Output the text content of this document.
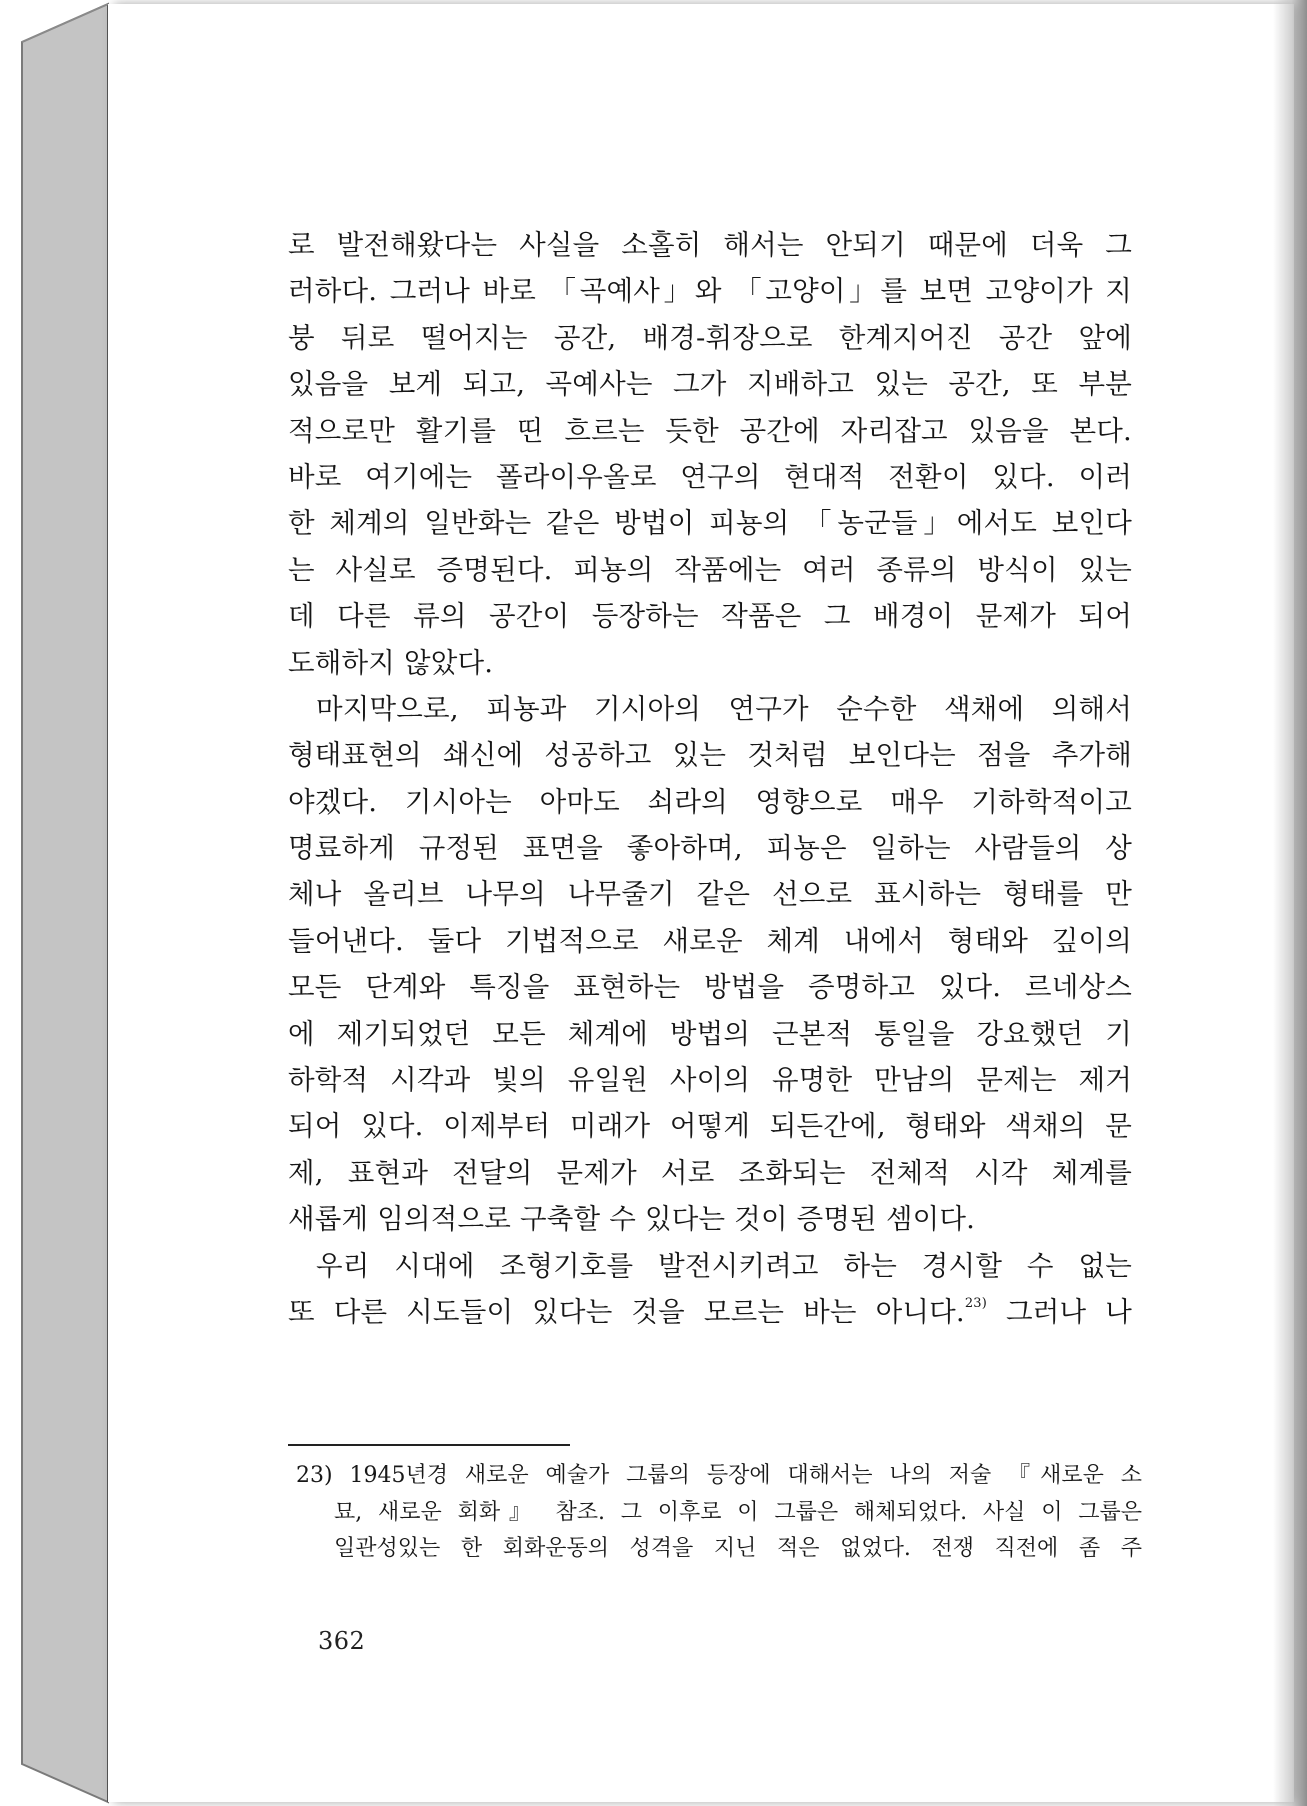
로 발전해왔다는 사실을 소홀히 해서는 안되기 때문에 더욱 그
러하다. 그러나 바로 「곡예사」와 「고양이」를 보면 고양이가 지
붕 뒤로 떨어지는 공간, 배경-휘장으로 한계지어진 공간 앞에
있음을 보게 되고, 곡예사는 그가 지배하고 있는 공간, 또 부분
적으로만 활기를 띤 흐르는 듯한 공간에 자리잡고 있음을 본다.
바로 여기에는 폴라이우올로 연구의 현대적 전환이 있다. 이러
한 체계의 일반화는 같은 방법이 피뇽의 「농군들」에서도 보인다
는 사실로 증명된다. 피뇽의 작품에는 여러 종류의 방식이 있는
데 다른 류의 공간이 등장하는 작품은 그 배경이 문제가 되어
도해하지 않았다.
마지막으로, 피뇽과 기시아의 연구가 순수한 색채에 의해서
형태표현의 쇄신에 성공하고 있는 것처럼 보인다는 점을 추가해
야겠다. 기시아는 아마도 쇠라의 영향으로 매우 기하학적이고
명료하게 규정된 표면을 좋아하며, 피뇽은 일하는 사람들의 상
체나 올리브 나무의 나무줄기 같은 선으로 표시하는 형태를 만
들어낸다. 둘다 기법적으로 새로운 체계 내에서 형태와 깊이의
모든 단계와 특징을 표현하는 방법을 증명하고 있다. 르네상스
에 제기되었던 모든 체계에 방법의 근본적 통일을 강요했던 기
하학적 시각과 빛의 유일원 사이의 유명한 만남의 문제는 제거
되어 있다. 이제부터 미래가 어떻게 되든간에, 형태와 색채의 문
제, 표현과 전달의 문제가 서로 조화되는 전체적 시각 체계를
새롭게 임의적으로 구축할 수 있다는 것이 증명된 셈이다.
우리 시대에 조형기호를 발전시키려고 하는 경시할 수 없는
또 다른 시도들이 있다는 것을 모르는 바는 아니다.$^{23)}$ 그러나 나
23) 1945년경 새로운 예술가 그룹의 등장에 대해서는 나의 저술 『새로운 소
묘, 새로운 회화』 참조. 그 이후로 이 그룹은 해체되었다. 사실 이 그룹은
일관성있는 한 회화운동의 성격을 지닌 적은 없었다. 전쟁 직전에 좀 주
362
